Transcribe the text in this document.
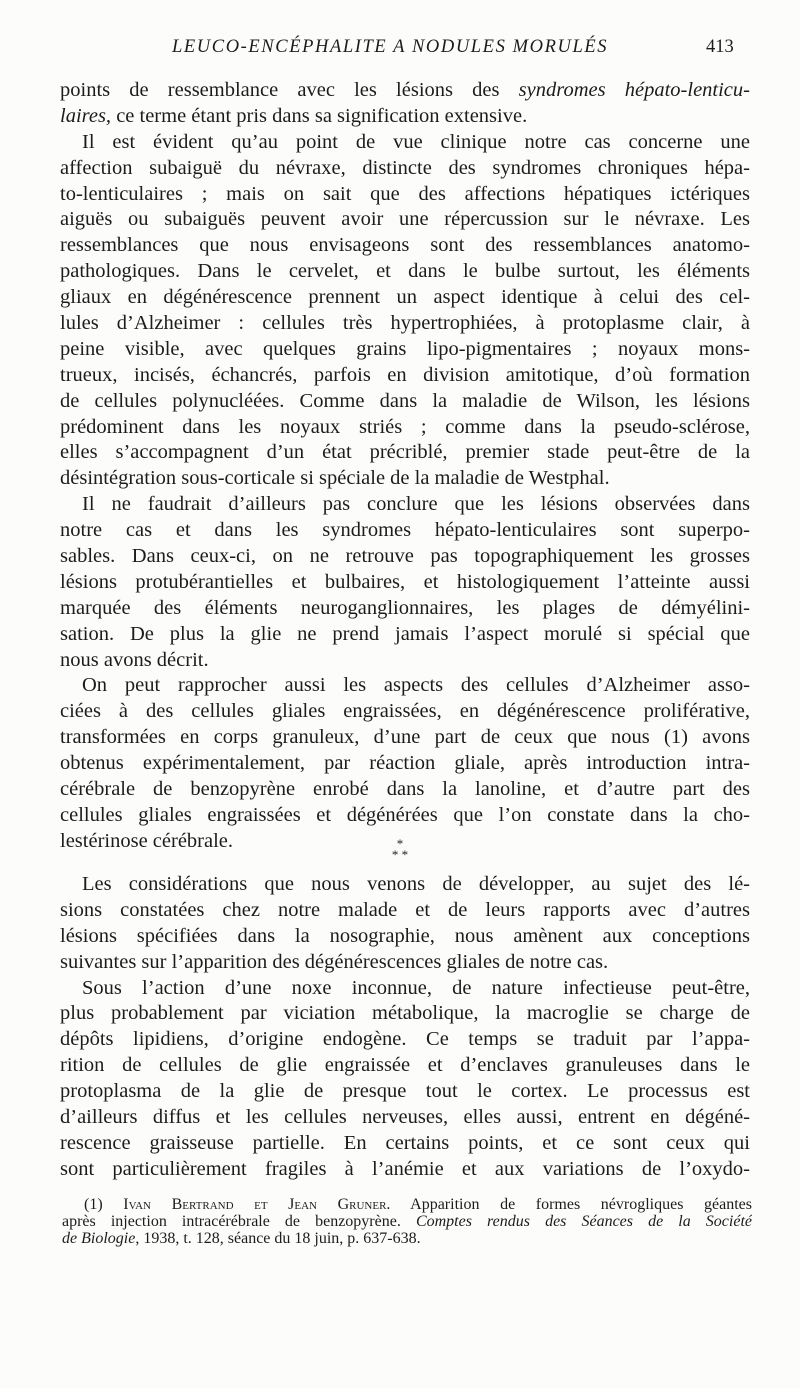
LEUCO-ENCÉPHALITE A NODULES MORULÉS	413
points de ressemblance avec les lésions des syndromes hépato-lenticu-
laires, ce terme étant pris dans sa signification extensive.
Il est évident qu’au point de vue clinique notre cas concerne une
affection subaiguë du névraxe, distincte des syndromes chroniques hépa-
to-lenticulaires ; mais on sait que des affections hépatiques ictériques
aiguës ou subaiguës peuvent avoir une répercussion sur le névraxe. Les
ressemblances que nous envisageons sont des ressemblances anatomo-
pathologiques. Dans le cervelet, et dans le bulbe surtout, les éléments
gliaux en dégénérescence prennent un aspect identique à celui des cel-
lules d’Alzheimer : cellules très hypertrophiées, à protoplasme clair, à
peine visible, avec quelques grains lipo-pigmentaires ; noyaux mons-
trueux, incisés, échancrés, parfois en division amitotique, d’où formation
de cellules polynucléées. Comme dans la maladie de Wilson, les lésions
prédominent dans les noyaux striés ; comme dans la pseudo-sclérose,
elles s’accompagnent d’un état précriblé, premier stade peut-être de la
désintégration sous-corticale si spéciale de la maladie de Westphal.
Il ne faudrait d’ailleurs pas conclure que les lésions observées dans
notre cas et dans les syndromes hépato-lenticulaires sont superpo-
sables. Dans ceux-ci, on ne retrouve pas topographiquement les grosses
lésions protubérantielles et bulbaires, et histologiquement l’atteinte aussi
marquée des éléments neuroganglionnaires, les plages de démyélini-
sation. De plus la glie ne prend jamais l’aspect morulé si spécial que
nous avons décrit.
On peut rapprocher aussi les aspects des cellules d’Alzheimer asso-
ciées à des cellules gliales engraissées, en dégénérescence proliférative,
transformées en corps granuleux, d’une part de ceux que nous (1) avons
obtenus expérimentalement, par réaction gliale, après introduction intra-
cérébrale de benzopyrène enrobé dans la lanoline, et d’autre part des
cellules gliales engraissées et dégénérées que l’on constate dans la cho-
lestérinose cérébrale.	*
* *
Les considérations que nous venons de développer, au sujet des lé-
sions constatées chez notre malade et de leurs rapports avec d’autres
lésions spécifiées dans la nosographie, nous amènent aux conceptions
suivantes sur l’apparition des dégénérescences gliales de notre cas.
Sous l’action d’une noxe inconnue, de nature infectieuse peut-être,
plus probablement par viciation métabolique, la macroglie se charge de
dépôts lipidiens, d’origine endogène. Ce temps se traduit par l’appa-
rition de cellules de glie engraissée et d’enclaves granuleuses dans le
protoplasma de la glie de presque tout le cortex. Le processus est
d’ailleurs diffus et les cellules nerveuses, elles aussi, entrent en dégéné-
rescence graisseuse partielle. En certains points, et ce sont ceux qui
sont particulièrement fragiles à l’anémie et aux variations de l’oxydo-
(1) Ivan Bertrand et Jean Gruner. Apparition de formes névrogliques géantes
après injection intracérébrale de benzopyrène. Comptes rendus des Séances de la Société
de Biologie, 1938, t. 128, séance du 18 juin, p. 637-638.
